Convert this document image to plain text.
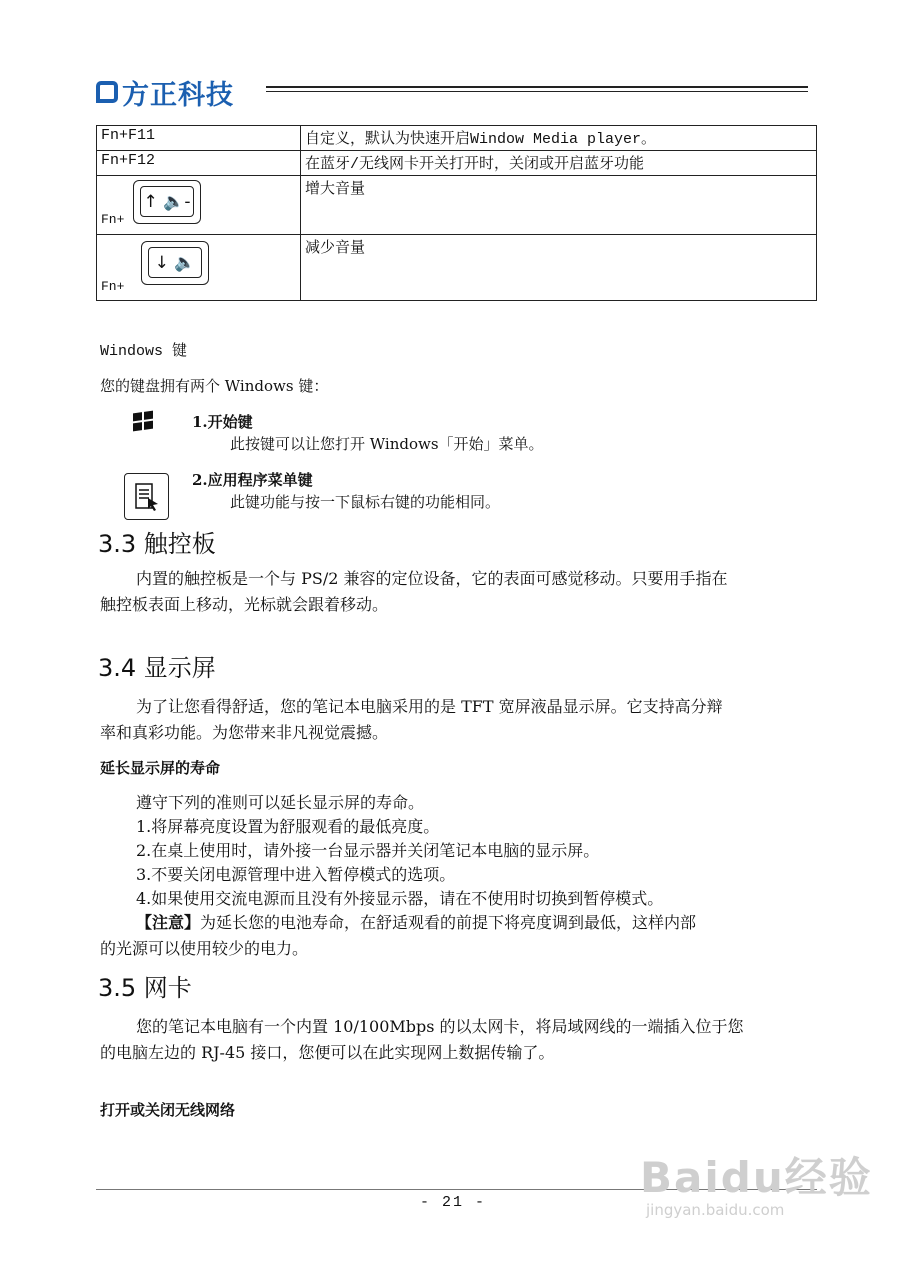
方正科技
Fn+F11	自定义，默认为快速开启Window Media player。
Fn+F12	在蓝牙/无线网卡开关打开时，关闭或开启蓝牙功能

↑ 🔈-
Fn+	增大音量

↓ 🔈
Fn+	减少音量
Windows 键
您的键盘拥有两个 Windows 键：
1.开始键
此按键可以让您打开 Windows「开始」菜单。
2.应用程序菜单键
此键功能与按一下鼠标右键的功能相同。
3.3 触控板
内置的触控板是一个与 PS/2 兼容的定位设备，它的表面可感觉移动。只要用手指在
触控板表面上移动，光标就会跟着移动。
3.4 显示屏
为了让您看得舒适，您的笔记本电脑采用的是 TFT 宽屏液晶显示屏。它支持高分辩
率和真彩功能。为您带来非凡视觉震撼。
延长显示屏的寿命
遵守下列的准则可以延长显示屏的寿命。
1.将屏幕亮度设置为舒服观看的最低亮度。
2.在桌上使用时，请外接一台显示器并关闭笔记本电脑的显示屏。
3.不要关闭电源管理中进入暂停模式的选项。
4.如果使用交流电源而且没有外接显示器，请在不使用时切换到暂停模式。
【注意】为延长您的电池寿命，在舒适观看的前提下将亮度调到最低，这样内部
的光源可以使用较少的电力。
3.5 网卡
您的笔记本电脑有一个内置 10/100Mbps 的以太网卡，将局域网线的一端插入位于您
的电脑左边的 RJ-45 接口，您便可以在此实现网上数据传输了。
打开或关闭无线网络
- 21 -
Baidu经验
jingyan.baidu.com
